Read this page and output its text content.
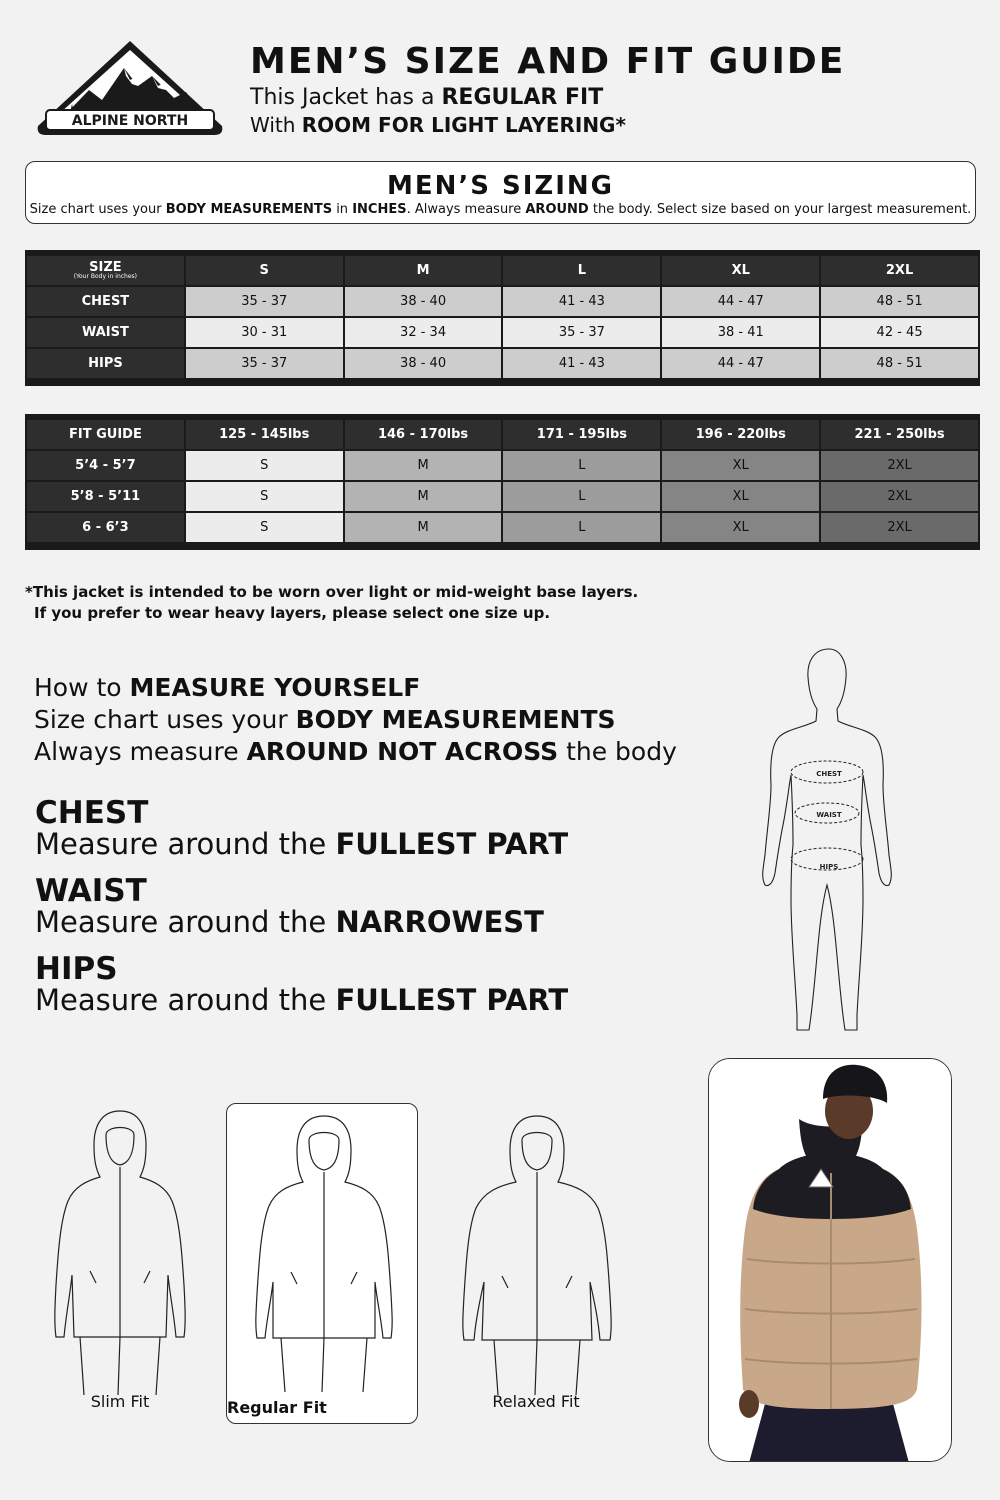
ALPINE NORTH
MEN’S SIZE AND FIT GUIDE
This Jacket has a REGULAR FIT
With ROOM FOR LIGHT LAYERING*
MEN’S SIZING
Size chart uses your BODY MEASUREMENTS in INCHES. Always measure AROUND the body. Select size based on your largest measurement.
SIZE
(Your Body in inches)	S	M	L	XL	2XL
CHEST	35 - 37	38 - 40	41 - 43	44 - 47	48 - 51
WAIST	30 - 31	32 - 34	35 - 37	38 - 41	42 - 45
HIPS	35 - 37	38 - 40	41 - 43	44 - 47	48 - 51
FIT GUIDE	125 - 145lbs	146 - 170lbs	171 - 195lbs	196 - 220lbs	221 - 250lbs
5’4 - 5’7	S	M	L	XL	2XL
5’8 - 5’11	S	M	L	XL	2XL
6 - 6’3	S	M	L	XL	2XL
*This jacket is intended to be worn over light or mid-weight base layers.
If you prefer to wear heavy layers, please select one size up.
How to MEASURE YOURSELF
Size chart uses your BODY MEASUREMENTS
Always measure AROUND NOT ACROSS the body
CHEST
Measure around the FULLEST PART
WAIST
Measure around the NARROWEST
HIPS
Measure around the FULLEST PART
CHEST
WAIST
HIPS
Slim Fit	Regular Fit	Relaxed Fit
